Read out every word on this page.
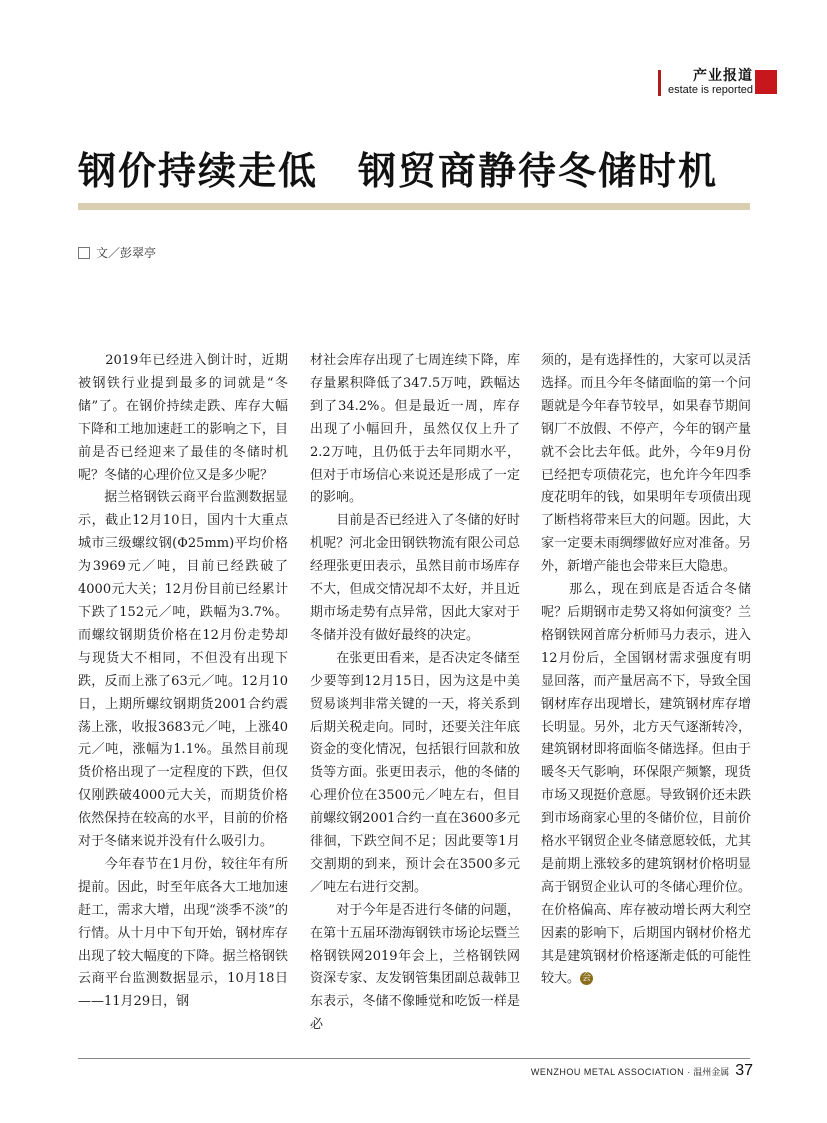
产业报道
estate is reported
钢价持续走低　钢贸商静待冬储时机
文／彭翠亭

　　2019年已经进入倒计时，近期被钢铁行业提到最多的词就是“冬储”了。在钢价持续走跌、库存大幅下降和工地加速赶工的影响之下，目前是否已经迎来了最佳的冬储时机呢？冬储的心理价位又是多少呢？

　　据兰格钢铁云商平台监测数据显示，截止12月10日，国内十大重点城市三级螺纹钢(Φ25mm)平均价格为3969元／吨，目前已经跌破了4000元大关；12月份目前已经累计下跌了152元／吨，跌幅为3.7%。而螺纹钢期货价格在12月份走势却与现货大不相同，不但没有出现下跌，反而上涨了63元／吨。12月10日，上期所螺纹钢期货2001合约震荡上涨，收报3683元／吨，上涨40元／吨，涨幅为1.1%。虽然目前现货价格出现了一定程度的下跌，但仅仅刚跌破4000元大关，而期货价格依然保持在较高的水平，目前的价格对于冬储来说并没有什么吸引力。

　　今年春节在1月份，较往年有所提前。因此，时至年底各大工地加速赶工，需求大增，出现“淡季不淡”的行情。从十月中下旬开始，钢材库存出现了较大幅度的下降。据兰格钢铁云商平台监测数据显示，10月18日——11月29日，钢

材社会库存出现了七周连续下降，库存量累积降低了347.5万吨，跌幅达到了34.2%。但是最近一周，库存出现了小幅回升，虽然仅仅上升了2.2万吨，且仍低于去年同期水平，但对于市场信心来说还是形成了一定的影响。

　　目前是否已经进入了冬储的好时机呢？河北金田钢铁物流有限公司总经理张更田表示，虽然目前市场库存不大，但成交情况却不太好，并且近期市场走势有点异常，因此大家对于冬储并没有做好最终的决定。

　　在张更田看来，是否决定冬储至少要等到12月15日，因为这是中美贸易谈判非常关键的一天，将关系到后期关税走向。同时，还要关注年底资金的变化情况，包括银行回款和放货等方面。张更田表示，他的冬储的心理价位在3500元／吨左右，但目前螺纹钢2001合约一直在3600多元徘徊，下跌空间不足；因此要等1月交割期的到来，预计会在3500多元／吨左右进行交割。

　　对于今年是否进行冬储的问题，在第十五届环渤海钢铁市场论坛暨兰格钢铁网2019年会上，兰格钢铁网资深专家、友发钢管集团副总裁韩卫东表示，冬储不像睡觉和吃饭一样是必

须的，是有选择性的，大家可以灵活选择。而且今年冬储面临的第一个问题就是今年春节较早，如果春节期间钢厂不放假、不停产，今年的钢产量就不会比去年低。此外，今年9月份已经把专项债花完，也允许今年四季度花明年的钱，如果明年专项债出现了断档将带来巨大的问题。因此，大家一定要未雨绸缪做好应对准备。另外，新增产能也会带来巨大隐患。

　　那么，现在到底是否适合冬储呢？后期钢市走势又将如何演变？兰格钢铁网首席分析师马力表示，进入12月份后，全国钢材需求强度有明显回落，而产量居高不下，导致全国钢材库存出现增长，建筑钢材库存增长明显。另外，北方天气逐渐转冷，建筑钢材即将面临冬储选择。但由于暖冬天气影响，环保限产频繁，现货市场又现挺价意愿。导致钢价还未跌到市场商家心里的冬储价位，目前价格水平钢贸企业冬储意愿较低，尤其是前期上涨较多的建筑钢材价格明显高于钢贸企业认可的冬储心理价位。在价格偏高、库存被动增长两大利空因素的影响下，后期国内钢材价格尤其是建筑钢材价格逐渐走低的可能性较大。 会

WENZHOU METAL ASSOCIATION · 温州金属 37
